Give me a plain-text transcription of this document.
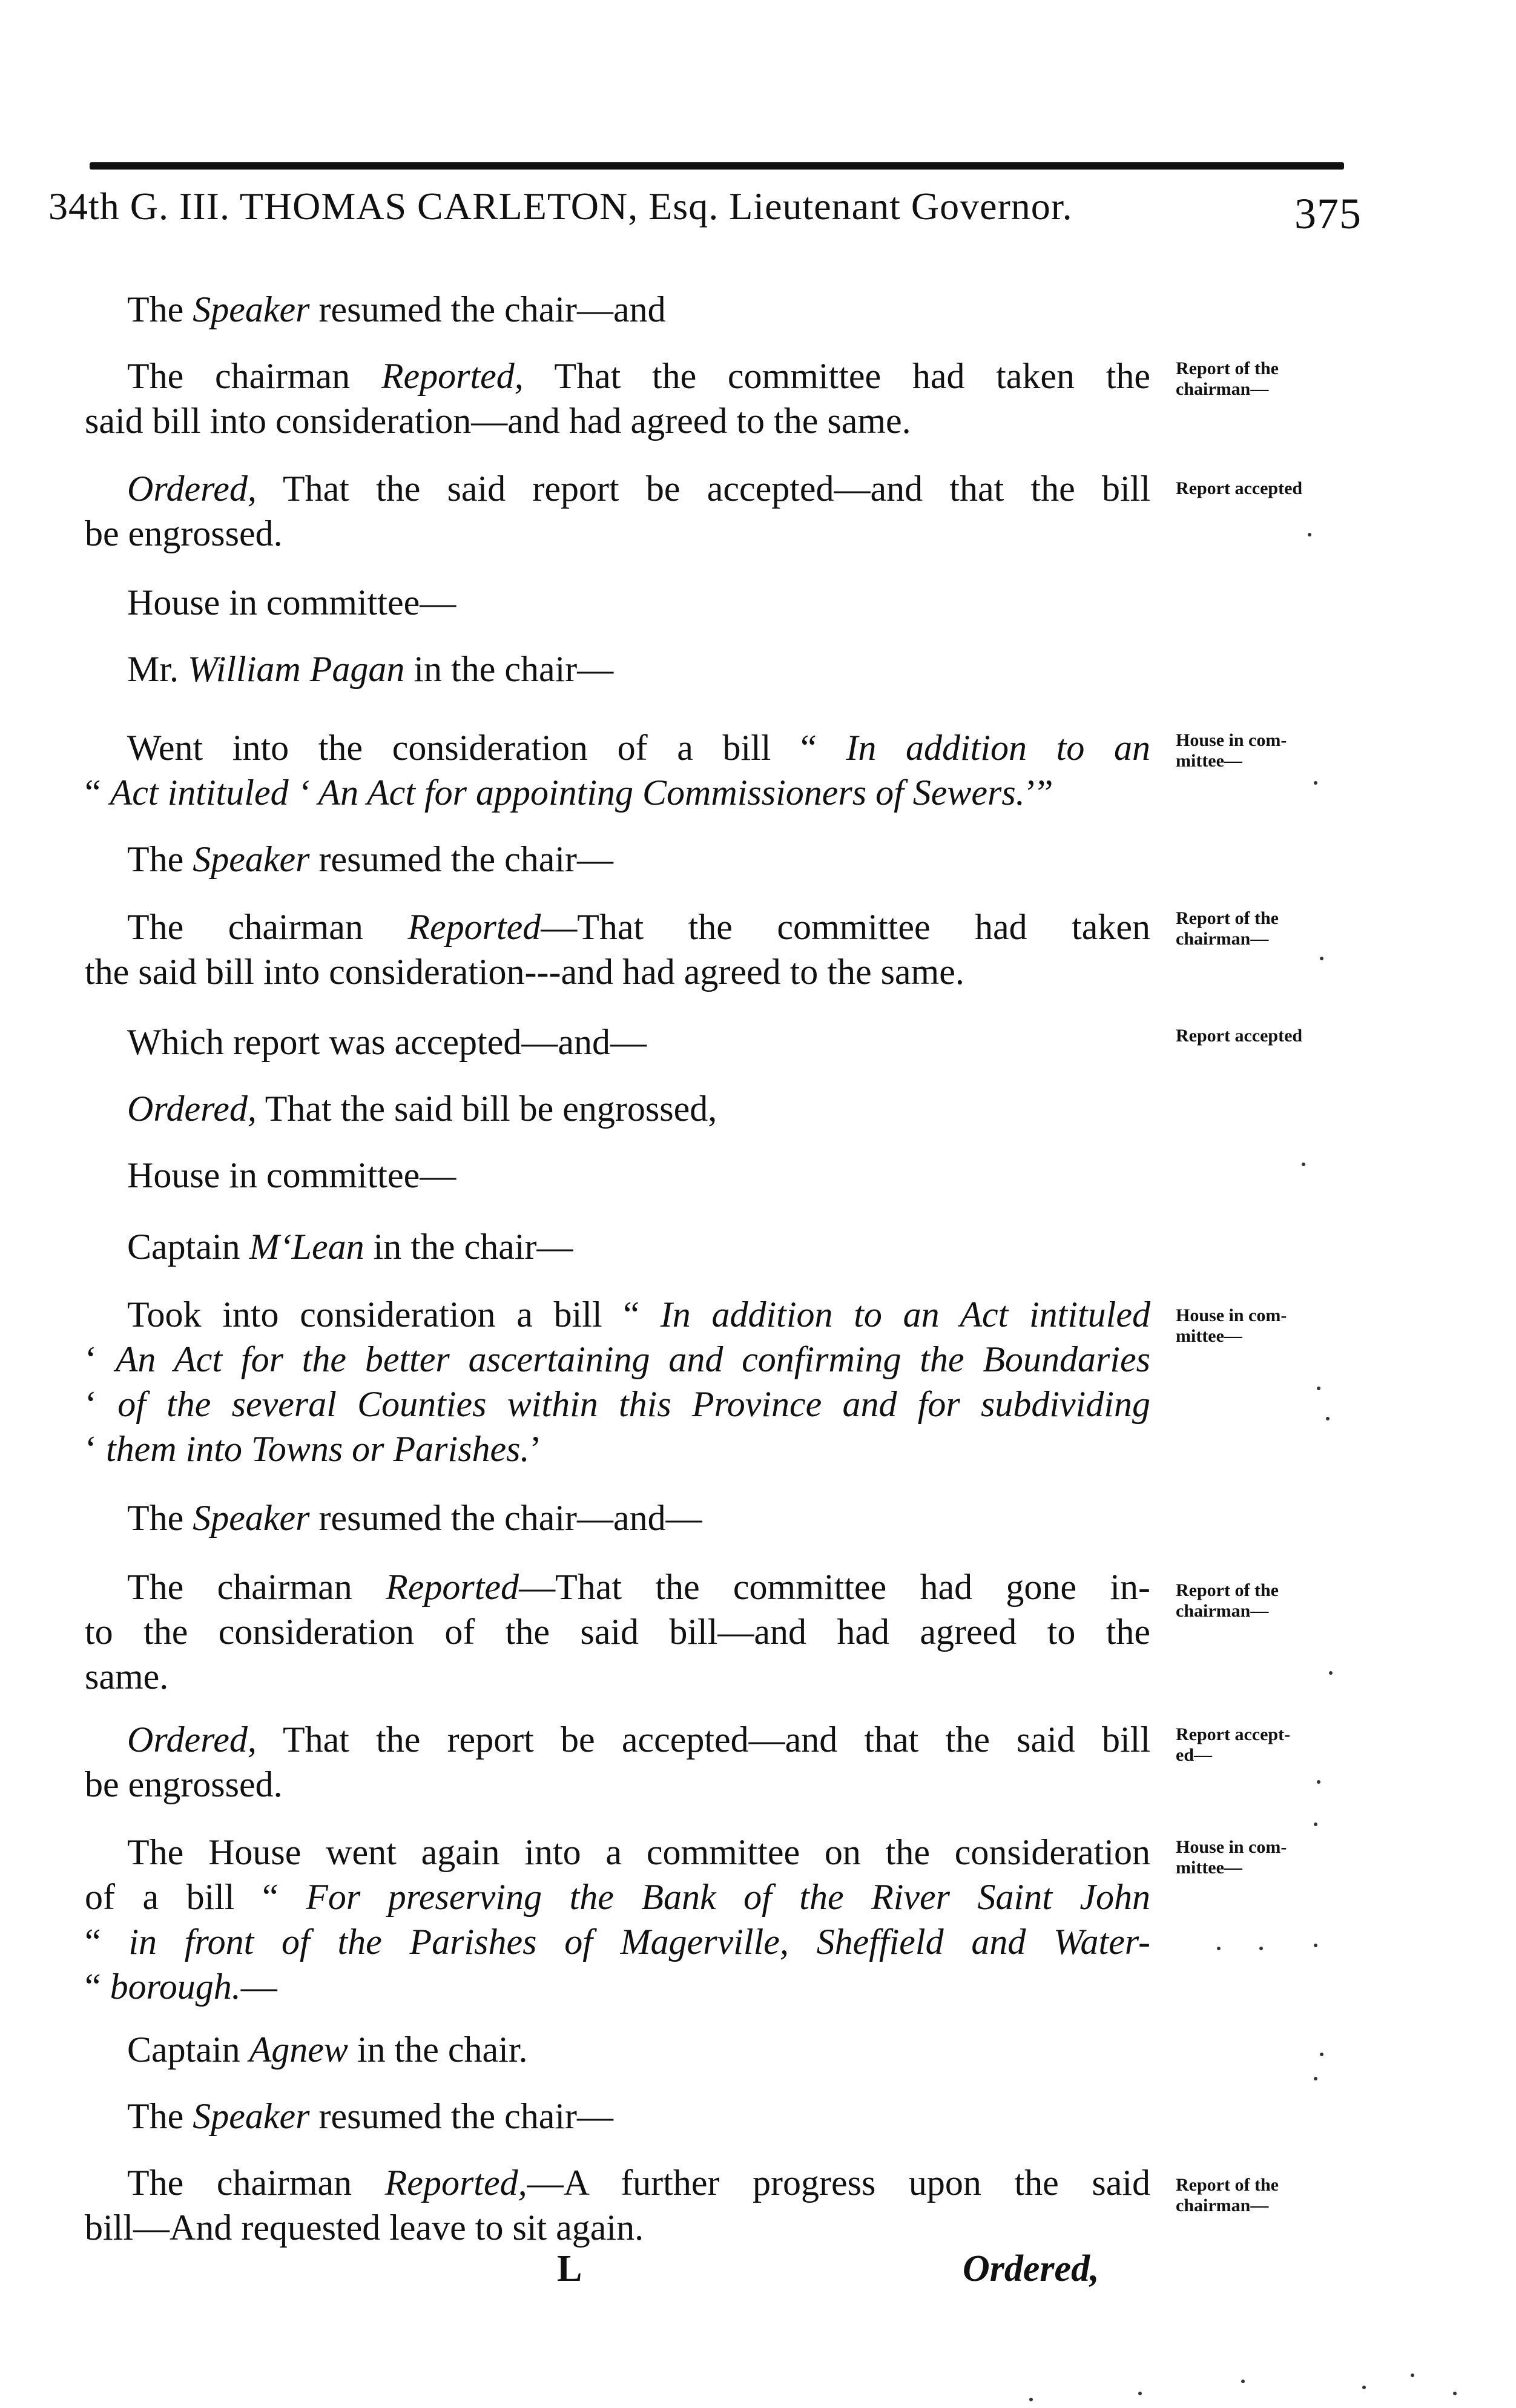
34th G. III. THOMAS CARLETON, Esq. Lieutenant Governor.	375
The Speaker resumed the chair—and
The chairman Reported, That the committee had taken the
said bill into consideration—and had agreed to the same.
Ordered, That the said report be accepted—and that the bill
be engrossed.
House in committee—
Mr. William Pagan in the chair—
Went into the consideration of a bill “ In addition to an
“ Act intituled ‘ An Act for appointing Commissioners of Sewers.’”
The Speaker resumed the chair—
The chairman Reported—That the committee had taken
the said bill into consideration---and had agreed to the same.
Which report was accepted—and—
Ordered, That the said bill be engrossed,
House in committee—
Captain M‘Lean in the chair—
Took into consideration a bill “ In addition to an Act intituled
‘ An Act for the better ascertaining and confirming the Boundaries
‘ of the several Counties within this Province and for subdividing
‘ them into Towns or Parishes.’
The Speaker resumed the chair—and—
The chairman Reported—That the committee had gone in-
to the consideration of the said bill—and had agreed to the
same.
Ordered, That the report be accepted—and that the said bill
be engrossed.
The House went again into a committee on the consideration
of a bill “ For preserving the Bank of the River Saint John
“ in front of the Parishes of Magerville, Sheffield and Water-
“ borough.—
Captain Agnew in the chair.
The Speaker resumed the chair—
The chairman Reported,—A further progress upon the said
bill—And requested leave to sit again.
Report of the
chairman—
Report accepted
House in com-
mittee—
Report of the
chairman—
Report accepted
House in com-
mittee—
Report of the
chairman—
Report accept-
ed—
House in com-
mittee—
Report of the
chairman—
L	Ordered,
